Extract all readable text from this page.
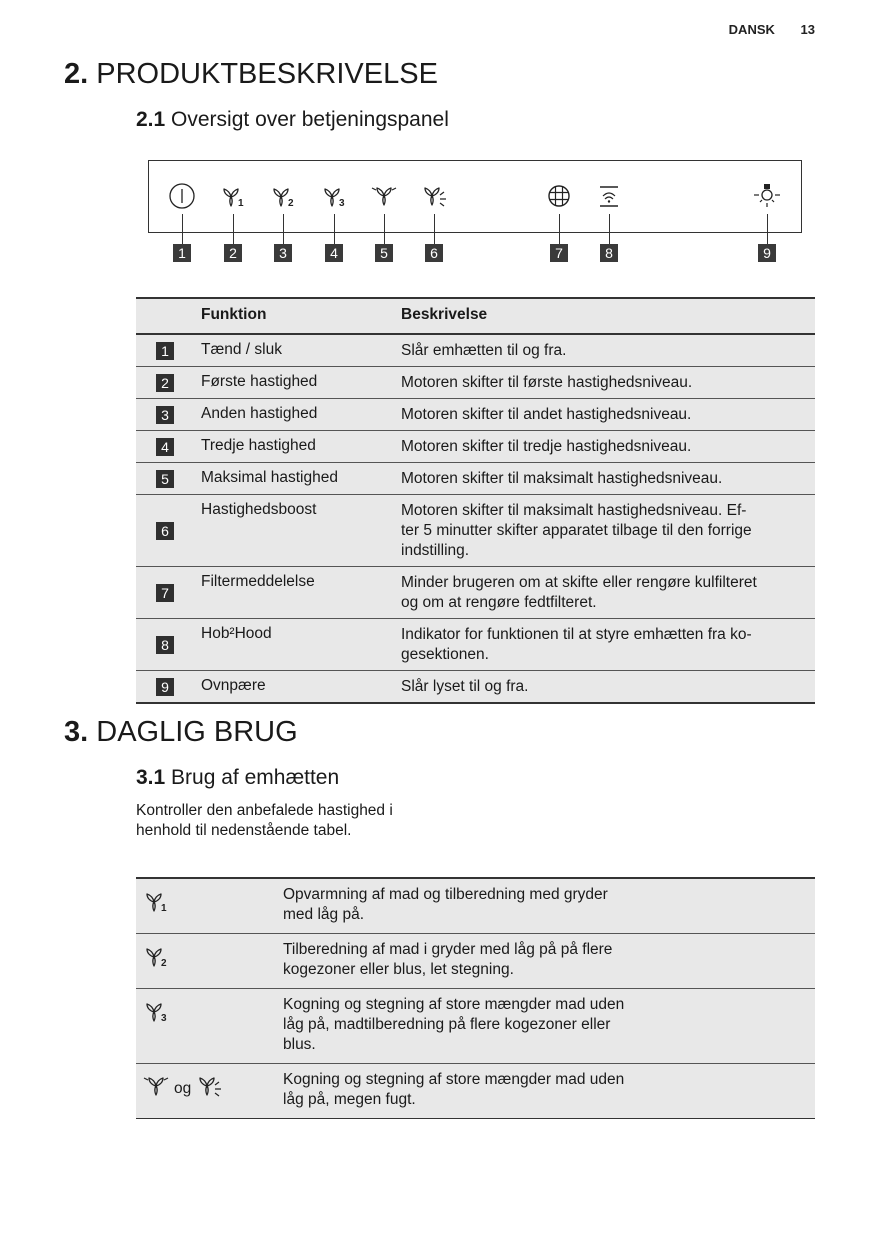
DANSK 13
2. PRODUKTBESKRIVELSE
2.1 Oversigt over betjeningspanel
1
1
2
2
3
3
4	5	6	7	8	9
	Funktion	Beskrivelse

1	Tænd / sluk	Slår emhætten til og fra.

2	Første hastighed	Motoren skifter til første hastighedsniveau.

3	Anden hastighed	Motoren skifter til andet hastighedsniveau.

4	Tredje hastighed	Motoren skifter til tredje hastighedsniveau.

5	Maksimal hastighed	Motoren skifter til maksimalt hastighedsniveau.

6	Hastighedsboost	Motoren skifter til maksimalt hastighedsniveau. Ef-
ter 5 minutter skifter apparatet tilbage til den forrige
indstilling.

7	Filtermeddelelse	Minder brugeren om at skifte eller rengøre kulfilteret
og om at rengøre fedtfilteret.

8	Hob²Hood	Indikator for funktionen til at styre emhætten fra ko-
gesektionen.

9	Ovnpære	Slår lyset til og fra.
3. DAGLIG BRUG
3.1 Brug af emhætten
Kontroller den anbefalede hastighed i
henhold til nedenstående tabel.
1	Opvarmning af mad og tilberedning med gryder
med låg på.	

2	Tilberedning af mad i gryder med låg på på flere
kogezoner eller blus, let stegning.	

3	Kogning og stegning af store mængder mad uden
låg på, madtilberedning på flere kogezoner eller
blus.	
og	Kogning og stegning af store mængder mad uden
låg på, megen fugt.	
